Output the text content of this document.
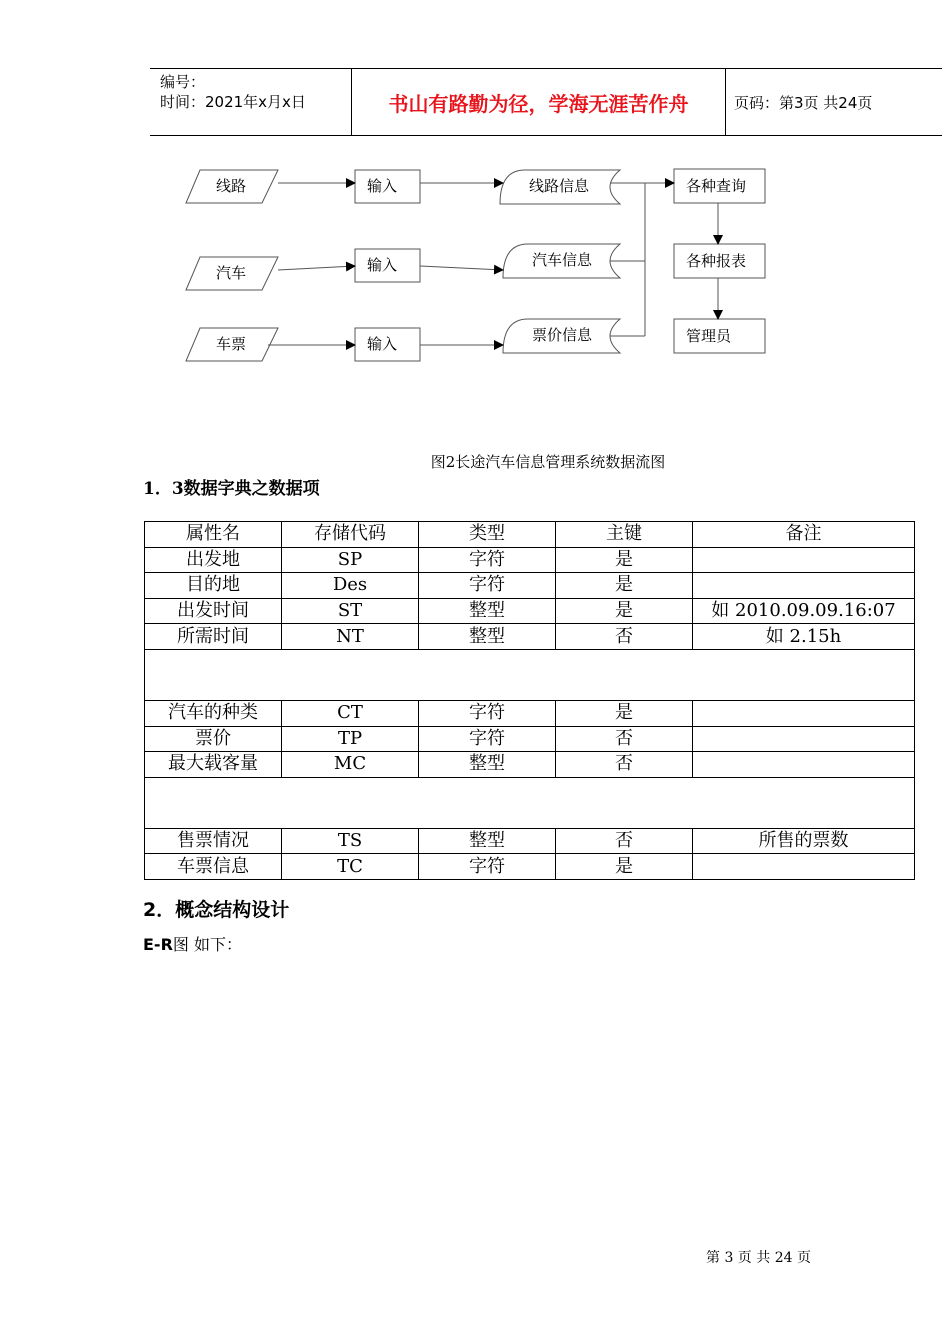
编号：
时间：2021年x月x日	书山有路勤为径，学海无涯苦作舟	页码：第3页 共24页
线路
汽车
车票
输入
输入
输入
线路信息
汽车信息
票价信息
各种查询
各种报表
管理员
图2长途汽车信息管理系统数据流图
1．3数据字典之数据项
属性名	存储代码	类型	主键	备注
出发地	SP	字符	是	
目的地	Des	字符	是	
出发时间	ST	整型	是	如 2010.09.09.16:07
所需时间	NT	整型	否	如 2.15h

汽车的种类	CT	字符	是	
票价	TP	字符	否	
最大载客量	MC	整型	否	

售票情况	TS	整型	否	所售的票数
车票信息	TC	字符	是	
2．概念结构设计
E-R图 如下：
第 3 页 共 24 页
